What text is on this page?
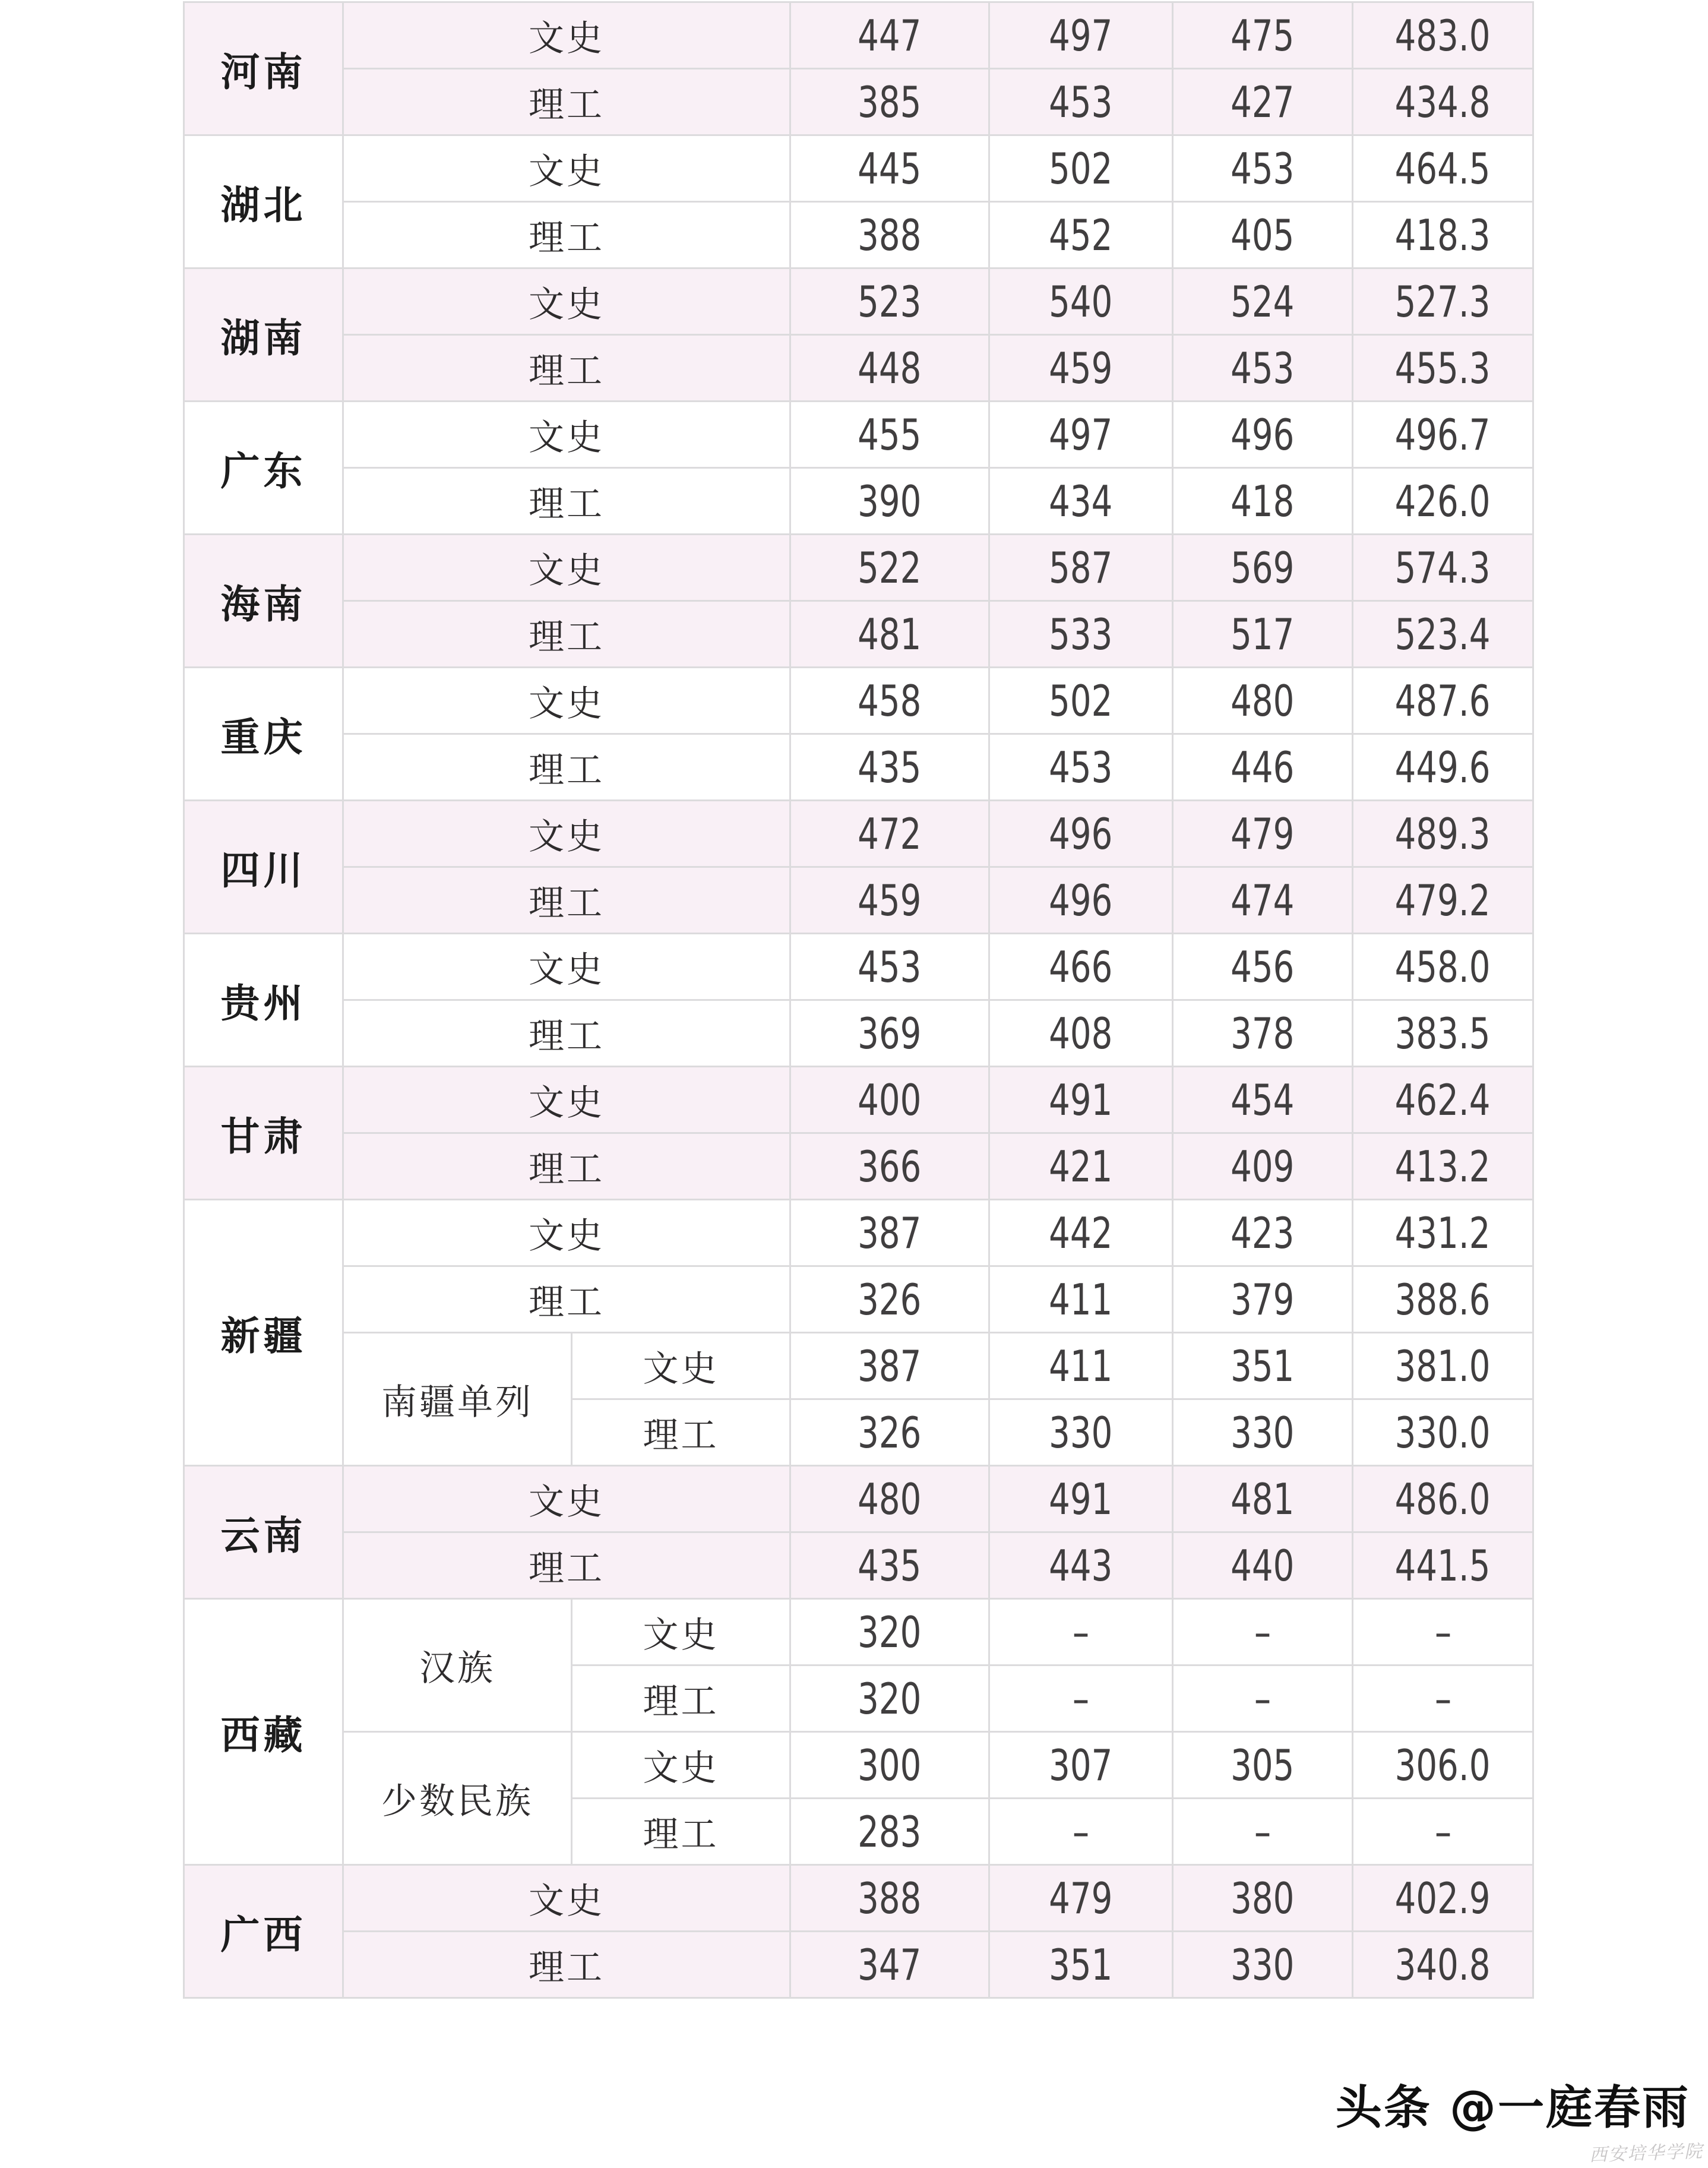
河南	文史		447	497	475	483.0
	理工		385	453	427	434.8
湖北	文史		445	502	453	464.5
	理工		388	452	405	418.3
湖南	文史		523	540	524	527.3
	理工		448	459	453	455.3
广东	文史		455	497	496	496.7
	理工		390	434	418	426.0
海南	文史		522	587	569	574.3
	理工		481	533	517	523.4
重庆	文史		458	502	480	487.6
	理工		435	453	446	449.6
四川	文史		472	496	479	489.3
	理工		459	496	474	479.2
贵州	文史		453	466	456	458.0
	理工		369	408	378	383.5
甘肃	文史		400	491	454	462.4
	理工		366	421	409	413.2
新疆	文史		387	442	423	431.2
	理工		326	411	379	388.6
	南疆单列	文史	387	411	351	381.0
		理工	326	330	330	330.0
云南	文史		480	491	481	486.0
	理工		435	443	440	441.5
西藏	汉族	文史	320	–	–	–
		理工	320	–	–	–
	少数民族	文史	300	307	305	306.0
		理工	283	–	–	–
广西	文史		388	479	380	402.9
	理工		347	351	330	340.8
头条 @一庭春雨
西安培华学院
